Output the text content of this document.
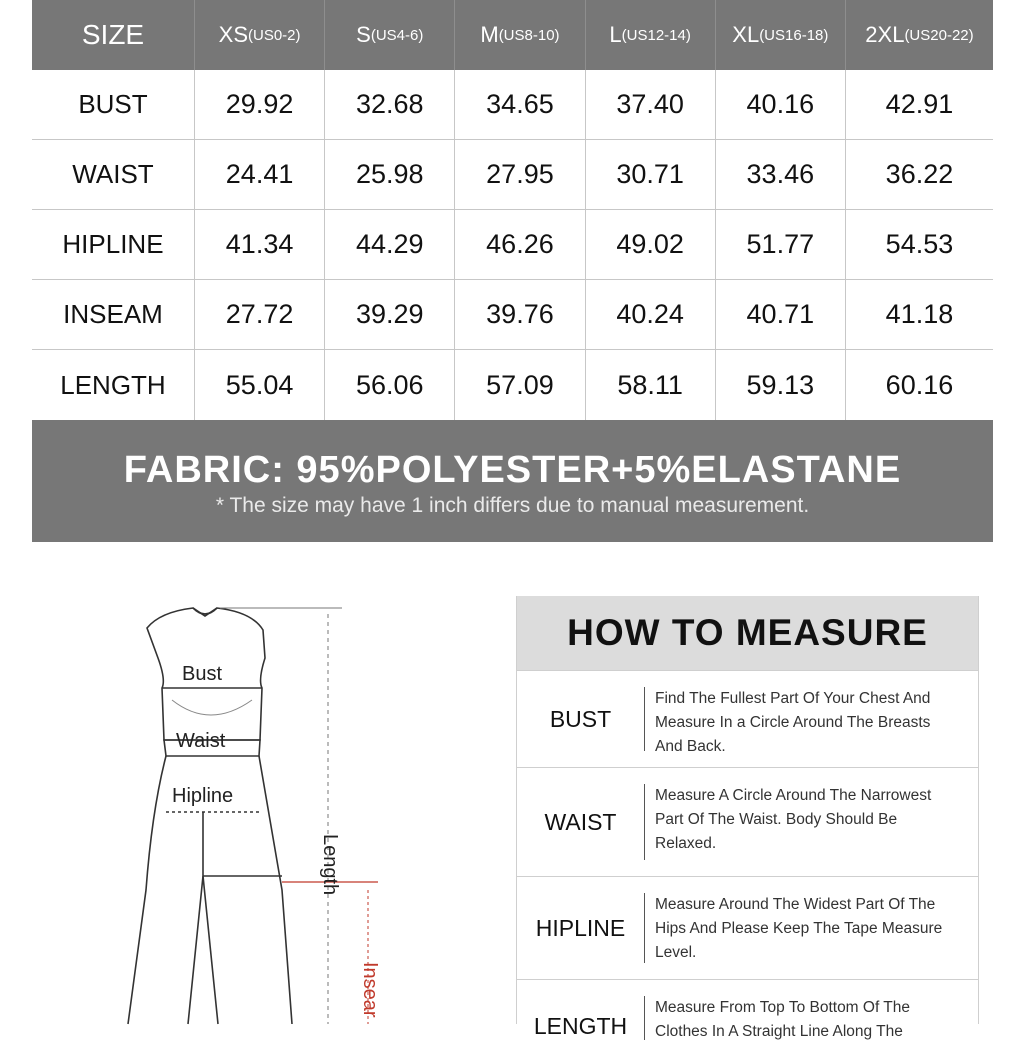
SIZE	XS (US0-2)	S (US4-6)	M (US8-10) L (US12-14) XL (US16-18) 2XL (US20-22)
BUST	29.92	32.68	34.65	37.40	40.16	42.91
WAIST	24.41	25.98	27.95	30.71	33.46	36.22
HIPLINE	41.34	44.29	46.26	49.02	51.77	54.53
INSEAM	27.72	39.29	39.76	40.24	40.71	41.18
LENGTH	55.04	56.06	57.09	58.11	59.13	60.16
FABRIC: 95%POLYESTER+5%ELASTANE
* The size may have 1 inch differs due to manual measurement.
Bust
Waist
Hipline
Length
Insear
HOW TO MEASURE
BUST
Find The Fullest Part Of Your Chest And
Measure In a Circle Around The Breasts
And Back.
WAIST
Measure A Circle Around The Narrowest
Part Of The Waist. Body Should Be
Relaxed.
HIPLINE
Measure Around The Widest Part Of The
Hips And Please Keep The Tape Measure
Level.
LENGTH
Measure From Top To Bottom Of The
Clothes In A Straight Line Along The
